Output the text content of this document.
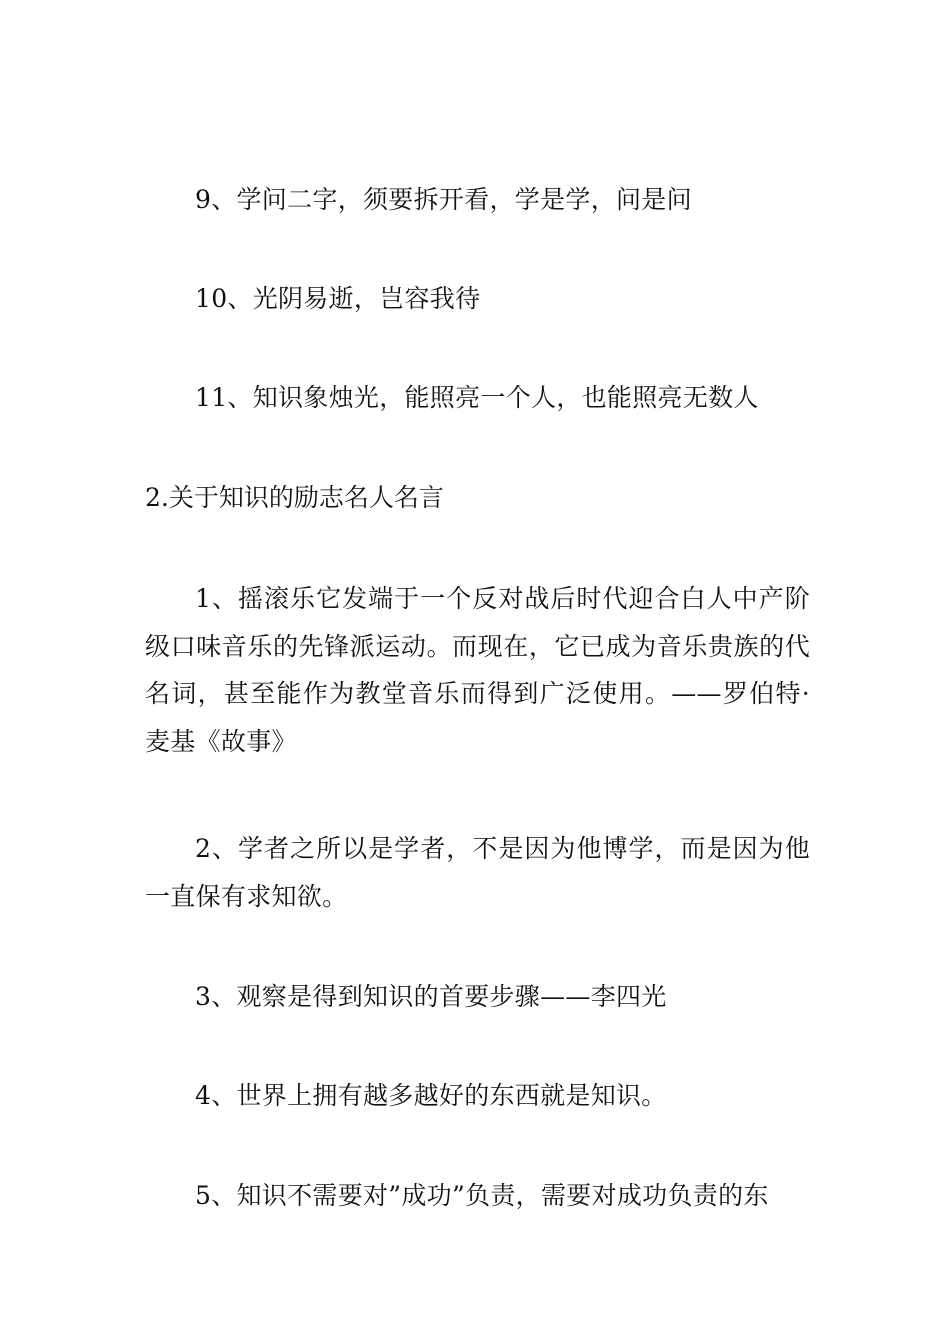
9、学问二字，须要拆开看，学是学，问是问

10、光阴易逝，岂容我待

11、知识象烛光，能照亮一个人，也能照亮无数人

2.关于知识的励志名人名言

1、摇滚乐它发端于一个反对战后时代迎合白人中产阶级口味音乐的先锋派运动。而现在，它已成为音乐贵族的代名词，甚至能作为教堂音乐而得到广泛使用。——罗伯特·麦基《故事》

2、学者之所以是学者，不是因为他博学，而是因为他一直保有求知欲。

3、观察是得到知识的首要步骤——李四光

4、世界上拥有越多越好的东西就是知识。

5、知识不需要对”成功”负责，需要对成功负责的东
